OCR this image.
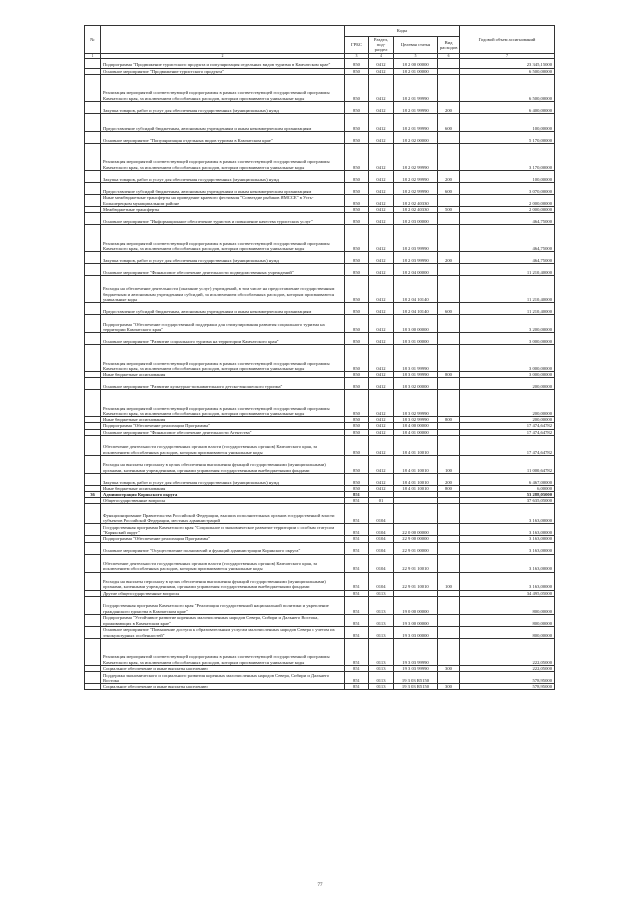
№		Коды				Годовой объем ассигнований
		ГРБС	Раздел, под-раздел	Целевая статья	Вид расходов	
1	2	3	4	5	6	7
	Подпрограмма "Продвижение туристского продукта и популяризация отдельных видов туризма в Камчатском крае"	850	0412	18 2 00 00000		23 345,15000
	Основное мероприятие "Продвижение туристского продукта"	850	0412	18 2 01 00000		6 500,00000
	Реализация мероприятий соответствующей подпрограммы в рамках соответствующей государственной программы Камчатского края, за исключением обособленных расходов, которым присваиваются уникальные коды	850	0412	18 2 01 99990		6 500,00000
	Закупка товаров, работ и услуг для обеспечения государственных (муниципальных) нужд	850	0412	18 2 01 99990	200	6 400,00000
	Предоставление субсидий бюджетным, автономным учреждениям и иным некоммерческим организациям	850	0412	18 2 01 99990	600	100,00000
	Основное мероприятие "Популяризация отдельных видов туризма в Камчатском крае"	850	0412	18 2 02 00000		5 170,00000
	Реализация мероприятий соответствующей подпрограммы в рамках соответствующей государственной программы Камчатского края, за исключением обособленных расходов, которым присваиваются уникальные коды	850	0412	18 2 02 99990		3 170,00000
	Закупка товаров, работ и услуг для обеспечения государственных (муниципальных) нужд	850	0412	18 2 02 99990	200	100,00000
	Предоставление субсидий бюджетным, автономным учреждениям и иным некоммерческим организациям	850	0412	18 2 02 99990	600	3 070,00000
	Иные межбюджетные трансферты на проведение краевого фестиваля "Созвездие рыбаков ЯМССЕ" в Усть-Большерецком муниципальном районе	850	0412	18 2 02 40330		2 000,00000
	Межбюджетные трансферты	850	0412	18 2 02 40330	500	2 000,00000
	Основное мероприятие "Информационное обеспечение туристов и повышение качества туристских услуг"	850	0412	18 2 03 00000		464,75000
	Реализация мероприятий соответствующей подпрограммы в рамках соответствующей государственной программы Камчатского края, за исключением обособленных расходов, которым присваиваются уникальные коды	850	0412	18 2 03 99990		464,75000
	Закупка товаров, работ и услуг для обеспечения государственных (муниципальных) нужд	850	0412	18 2 03 99990	200	464,75000
	Основное мероприятие "Финансовое обеспечение деятельности подведомственных учреждений"	850	0412	18 2 04 00000		11 210,40000
	Расходы на обеспечение деятельности (оказание услуг) учреждений, в том числе на предоставление государственным бюджетным и автономным учреждениям субсидий, за исключением обособленных расходов, которым присваиваются уникальные коды	850	0412	18 2 04 10140		11 210,40000
	Предоставление субсидий бюджетным, автономным учреждениям и иным некоммерческим организациям	850	0412	18 2 04 10140	600	11 210,40000
	Подпрограмма "Обеспечение государственной поддержки для стимулирования развития социального туризма на территории Камчатского края"	850	0412	18 3 00 00000		3 200,00000
	Основное мероприятие "Развитие социального туризма на территории Камчатского края"	850	0412	18 3 01 00000		3 000,00000
	Реализация мероприятий соответствующей подпрограммы в рамках соответствующей государственной программы Камчатского края, за исключением обособленных расходов, которым присваиваются уникальные коды	850	0412	18 3 01 99990		3 000,00000
	Иные бюджетные ассигнования	850	0412	18 3 01 99990	800	3 000,00000
	Основное мероприятие "Развитие культурно-познавательного детско-юношеского туризма"	850	0412	18 3 02 00000		200,00000
	Реализация мероприятий соответствующей подпрограммы в рамках соответствующей государственной программы Камчатского края, за исключением обособленных расходов, которым присваиваются уникальные коды	850	0412	18 3 02 99990		200,00000
	Иные бюджетные ассигнования	850	0412	18 3 02 99990	800	200,00000
	Подпрограмма "Обеспечение реализации Программы"	850	0412	18 4 00 00000		17 474,64782
	Основное мероприятие "Финансовое обеспечение деятельности Агентства"	850	0412	18 4 01 00000		17 474,64782
	Обеспечение деятельности государственных органов власти (государственных органов) Камчатского края, за исключением обособленных расходов, которым присваиваются уникальные коды	850	0412	18 4 01 10010		17 474,64782
	Расходы на выплаты персоналу в целях обеспечения выполнения функций государственными (муниципальными) органами, казенными учреждениями, органами управления государственными внебюджетными фондами	850	0412	18 4 01 10010	100	11 000,64782
	Закупка товаров, работ и услуг для обеспечения государственных (муниципальных) нужд	850	0412	18 4 01 10010	200	6 467,00000
	Иные бюджетные ассигнования	850	0412	18 4 01 10010	800	6,00000
36	Администрация Корякского округа	851				53 288,05000
	Общегосударственные вопросы	851	01			37 635,05000
	Функционирование Правительства Российской Федерации, высших исполнительных органов государственной власти субъектов Российской Федерации, местных администраций	851	0104			3 163,00000
	Государственная программа Камчатского края "Социальное и экономическое развитие территории с особым статусом "Корякский округ"	851	0104	22 0 00 00000		3 163,00000
	Подпрограмма "Обеспечение реализации Программы"	851	0104	22 9 00 00000		3 163,00000
	Основное мероприятие "Осуществление полномочий и функций администрации Корякского округа"	851	0104	22 9 01 00000		3 163,00000
	Обеспечение деятельности государственных органов власти (государственных органов) Камчатского края, за исключением обособленных расходов, которым присваиваются уникальные коды	851	0104	22 9 01 10010		3 163,00000
	Расходы на выплаты персоналу в целях обеспечения выполнения функций государственными (муниципальными) органами, казенными учреждениями, органами управления государственными внебюджетными фондами	851	0104	22 9 01 10010	100	3 163,00000
	Другие общегосударственные вопросы	851	0113			34 495,05000
	Государственная программа Камчатского края "Реализация государственной национальной политики и укрепление гражданского единства в Камчатском крае"	851	0113	19 0 00 00000		800,00000
	Подпрограмма "Устойчивое развитие коренных малочисленных народов Севера, Сибири и Дальнего Востока, проживающих в Камчатском крае"	851	0113	19 3 00 00000		800,00000
	Основное мероприятие "Повышение доступа к образовательным услугам малочисленных народов Севера с учетом их этнокультурных особенностей"	851	0113	19 3 03 00000		800,00000
	Реализация мероприятий соответствующей подпрограммы в рамках соответствующей государственной программы Камчатского края, за исключением обособленных расходов, которым присваиваются уникальные коды	851	0113	19 3 03 99990		222,05000
	Социальное обеспечение и иные выплаты населению	851	0113	19 3 03 99990	300	222,05000
	Поддержка экономического и социального развития коренных малочисленных народов Севера, Сибири и Дальнего Востока	851	0113	19 3 03 R5150		578,95000
	Социальное обеспечение и иные выплаты населению	851	0113	19 3 03 R5150	300	578,95000
77
